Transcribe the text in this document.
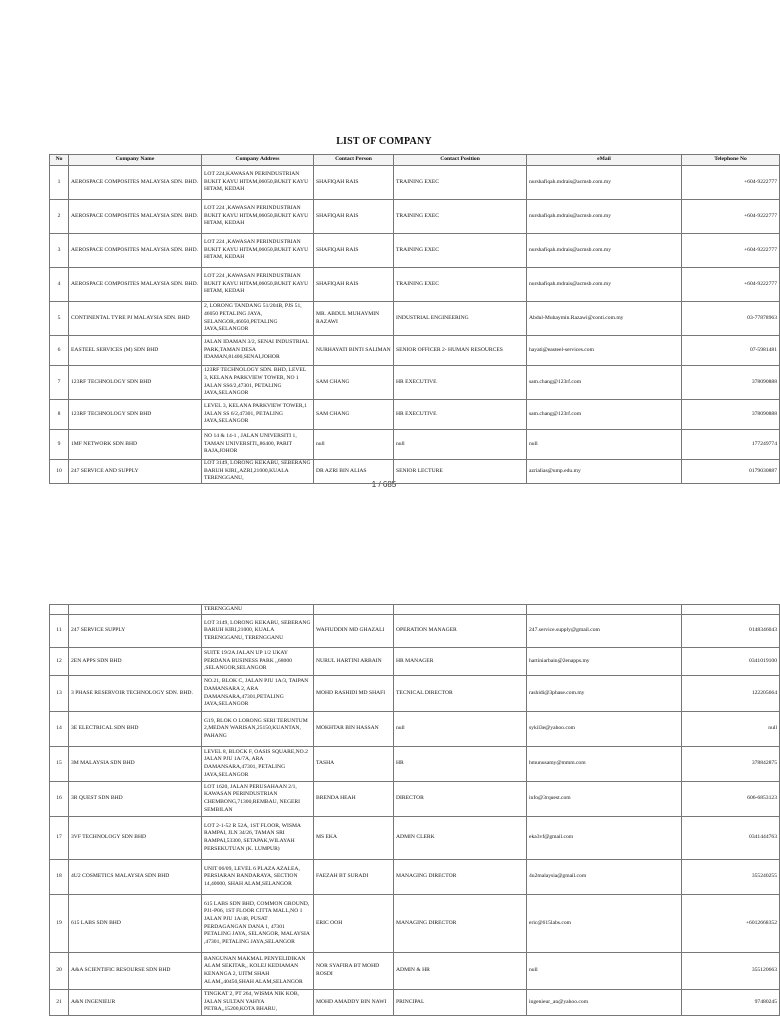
LIST OF COMPANY
1 / 685
No	Company Name	Company Address	Contact Person	Contact Position	eMail	Telephone No
1	AEROSPACE COMPOSITES MALAYSIA SDN. BHD.	LOT 224,KAWASAN PERINDUSTRIAN BUKIT KAYU HITAM,06050,BUKIT KAYU HITAM, KEDAH	SHAFIQAH RAIS	TRAINING EXEC	nurshafiqah.mdrais@acmsb.com.my	+604-9222777
2	AEROSPACE COMPOSITES MALAYSIA SDN. BHD.	LOT 224 ,KAWASAN PERINDUSTRIAN BUKIT KAYU HITAM,06050,BUKIT KAYU HITAM, KEDAH	SHAFIQAH RAIS	TRAINING EXEC	nurshafiqah.mdrais@acmsb.com.my	+604-9222777
3	AEROSPACE COMPOSITES MALAYSIA SDN. BHD.	LOT 224 ,KAWASAN PERINDUSTRIAN BUKIT KAYU HITAM,06050,BUKIT KAYU HITAM, KEDAH	SHAFIQAH RAIS	TRAINING EXEC	nurshafiqah.mdrais@acmsb.com.my	+604-9222777
4	AEROSPACE COMPOSITES MALAYSIA SDN. BHD.	LOT 224 ,KAWASAN PERINDUSTRIAN BUKIT KAYU HITAM,06050,BUKIT KAYU HITAM, KEDAH	SHAFIQAH RAIS	TRAINING EXEC	nurshafiqah.mdrais@acmsb.com.my	+604-9222777
5	CONTINENTAL TYRE PJ MALAYSIA SDN. BHD	2, LORONG TANDANG 51/204B, PJS 51, 46050 PETALING JAYA, SELANGOR,46050,PETALING JAYA,SELANGOR	MR. ABDUL MUHAYMIN RAZAWI	INDUSTRIAL ENGINEERING	Abdul-Muhaymin.Razawi@conti.com.my	03-77878963
6	EASTEEL SERVICES (M) SDN BHD	JALAN IDAMAN 3/2, SENAI INDUSTRIAL PARK,TAMAN DESA IDAMAN,81400,SENAI,JOHOR	NURHAYATI BINTI SALIMAN	SENIOR OFFICER 2- HUMAN RESOURCES	hayati@easteel-services.com	07-5981481
7	123RF TECHNOLOGY SDN BHD	123RF TECHNOLOGY SDN. BHD, LEVEL 3, KELANA PARKVIEW TOWER, NO 1 JALAN SS6/2,47301, PETALING JAYA,SELANGOR	SAM CHANG	HR EXECUTIVE	sam.chang@123rf.com	378090888
8	123RF TECHNOLOGY SDN BHD	LEVEL 3, KELANA PARKVIEW TOWER,1 JALAN SS 6/2,47301, PETALING JAYA,SELANGOR	SAM CHANG	HR EXECUTIVE	sam.chang@123rf.com	378090888
9	1MF NETWORK SDN BHD	NO 14 & 14-1 , JALAN UNIVERSITI 1, TAMAN UNIVERSITI,,86400, PARIT RAJA,JOHOR	null	null	null	177249774
10	247 SERVICE AND SUPPLY	LOT 3149, LORONG KEKABU, SEBERANG BARUH KIRI,,AZRI,21000,KUALA TERENGGANU,	DR AZRI BIN ALIAS	SENIOR LECTURE	azrialias@ump.edu.my	0179030887
		TERENGGANU				
11	247 SERVICE SUPPLY	LOT 3149, LORONG KEKABU, SEBERANG BARUH KIRI,21000, KUALA TERENGGANU, TERENGGANU	WAFIUDDIN MD GHAZALI	OPERATION MANAGER	247.service.supply@gmail.com	0148346043
12	2EN APPS SDN BHD	SUITE 19/2A JALAN UP 1/2 UKAY PERDANA BUSINESS PARK ,,68000 ,SELANGOR,SELANGOR	NURUL HARTINI ARBAIN	HR MANAGER	hartiniarbain@2enapps.my	0341019100
13	3 PHASE RESERVOIR TECHNOLOGY SDN. BHD.	NO.21, BLOK C, JALAN PJU 1A/3, TAIPAN DAMANSARA 2, ARA DAMANSARA,47301,PETALING JAYA,SELANGOR	MOHD RASHIDI MD SHAFI	TECNICAL DIRECTOR	rashidi@3phase.com.my	122205664
14	3E ELECTRICAL SDN BHD	G19, BLOK O LORONG SERI TERUNTUM 2,MEDAN WARISAN,25150,KUANTAN, PAHANG	MOKHTAR BIN HASSAN	null	sykil3e@yahoo.com	null
15	3M MALAYSIA SDN BHD	LEVEL 8, BLOCK F, OASIS SQUARE,NO.2 JALAN PJU 1A/7A, ARA DAMANSARA,47301, PETALING JAYA,SELANGOR	TASHA	HR	hmunusamy@mmm.com	378842875
16	3R QUEST SDN BHD	LOT 1620, JALAN PERUSAHAAN 2/1, KAWASAN PERINDUSTRIAN CHEMBONG,71300,REMBAU, NEGERI SEMBILAN	BRENDA HEAH	DIRECTOR	info@3rquest.com	606-6853123
17	3VF TECHNOLOGY SDN BHD	LOT 2-1-52 R 52A, 1ST FLOOR, WISMA RAMPAI, JLN 34/26, TAMAN SRI RAMPAI,53300, SETAPAK,WILAYAH PERSEKUTUAN (K. LUMPUR)	MS EKA	ADMIN CLERK	eka3vf@gmail.com	0341444763
18	4U2 COSMETICS MALAYSIA SDN BHD	UNIT 06/09, LEVEL 6 PLAZA AZALEA, PERSIARAN BANDARAYA, SECTION 14,40000, SHAH ALAM,SELANGOR	FAEZAH BT SURADI	MANAGING DIRECTOR	4u2malaysia@gmail.com	355240255
19	615 LABS SDN BHD	615 LABS SDN BHD, COMMON GROUND, PJ1-P06, 1ST FLOOR CITTA MALL,NO 1 JALAN PJU 1A/48, PUSAT PERDAGANGAN DANA 1, 47301 PETALING JAYA, SELANGOR, MALAYSIA ,47301, PETALING JAYA,SELANGOR	ERIC OOH	MANAGING DIRECTOR	eric@615labs.com	+6012668352
20	A&A SCIENTIFIC RESOURSE SDN BHD	BANGUNAN MAKMAL PENYELIDIKAN ALAM SEKITAR,, KOLEJ KEDIAMAN KENANGA 2, UITM SHAH ALAM,,40450,SHAH ALAM,SELANGOR	NOR SYAFIRA BT MOHD ROSDI	ADMIN & HR	null	355120663
21	A&N INGENIEUR	TINGKAT 2, PT 264, WISMA NIK KOB, JALAN SULTAN YAHYA PETRA,,15200,KOTA BHARU,	MOHD AMADDY BIN NAWI	PRINCIPAL	ingenieur_an@yahoo.com	97480245
